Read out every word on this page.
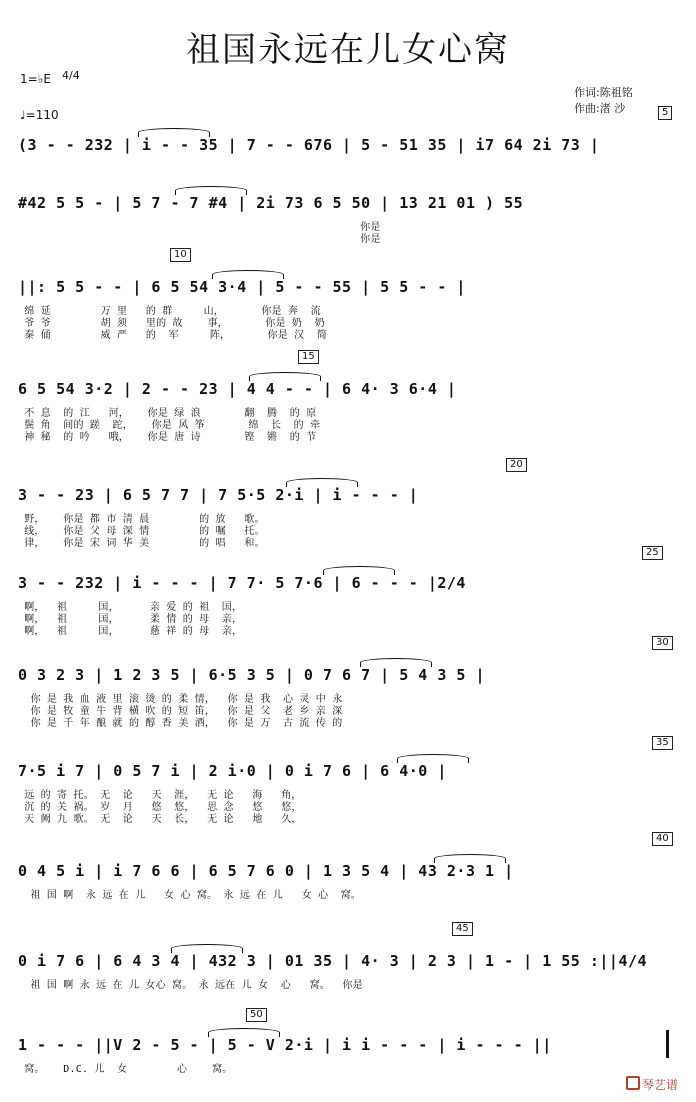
祖国永远在儿女心窝
1=♭E 4/4
♩=110
作词:陈祖铭
作曲:渚 沙
(3 - - 232 | i - - 35 | 7 - - 676 | 5 - 51 35 | i7 64 2i 73 |
#42 5 5 - | 5 7 - 7 #4 | 2i 73 6 5 50 | 13 21 01 ) 55
你是
你是
||: 5 5 - - | 6 5 54 3·4 | 5 - - 55 | 5 5 - - |
绵 延        万 里   的 群     山，      你是 奔  流
爷 爷        胡 须   里的 故    事，      你是 奶  奶
秦 俑        威 严   的  军     阵，      你是 汉  简
6 5 54 3·2 | 2 - - 23 | 4 4 - - | 6 4· 3 6·4 |
不 息  的 江   河，   你是 绿 浪       翻  腾  的 原
鬓 角  间的 蹉  跎，   你是 风 筝       绵  长  的 牵
神 秘  的 吟   哦，   你是 唐 诗       铿  锵  的 节
3 - - 23 | 6 5 7 7 | 7 5·5 2·i | i - - - |
野，   你是 都 市 清 晨        的 放   歌。
线，   你是 父 母 深 情        的 嘱   托。
律，   你是 宋 词 华 美        的 唱   和。
3 - - 232 | i - - - | 7 7· 5 7·6 | 6 - - - |2/4
啊，  祖     国，     亲 爱 的 祖  国，
啊，  祖     国，     柔 情 的 母  亲，
啊，  祖     国，     慈 祥 的 母  亲，
0 3 2 3 | 1 2 3 5 | 6·5 3 5 | 0 7 6 7 | 5 4 3 5 |
你 是 我 血 液 里 滚 烫 的 柔 情，  你 是 我  心 灵 中 永
你 是 牧 童 牛 背 横 吹 的 短 笛，  你 是 父  老 乡 亲 深
你 是 千 年 酿 就 的 醇 香 美 酒，  你 是 万  古 流 传 的
7·5 i 7 | 0 5 7 i | 2 i·0 | 0 i 7 6 | 6 4·0 |
远 的 寄 托。 无  论   天  涯，  无 论   海   角，
沉 的 关 祸。 岁  月   悠  悠，  思 念   悠   悠，
天 阙 九 歌。 无  论   天  长，  无 论   地   久，
0 4 5 i | i 7 6 6 | 6 5 7 6 0 | 1 3 5 4 | 43 2·3 1 |
祖 国 啊  永 远 在 儿   女 心 窝。 永 远 在 儿   女 心  窝。
0 i 7 6 | 6 4 3 4 | 432 3 | 01 35 | 4· 3 | 2 3 | 1 - | 1 55 :||4/4
祖 国 啊 永 远 在 儿 女心 窝。 永 远在 儿 女  心   窝。  你是
1 - - - ||V 2 - 5 - | 5 - V 2·i | i i - - - | i - - - ||
窝。   D.C. 儿  女        心    窝。
5
10
15
20
25
30
35
40
45
50
琴艺谱
